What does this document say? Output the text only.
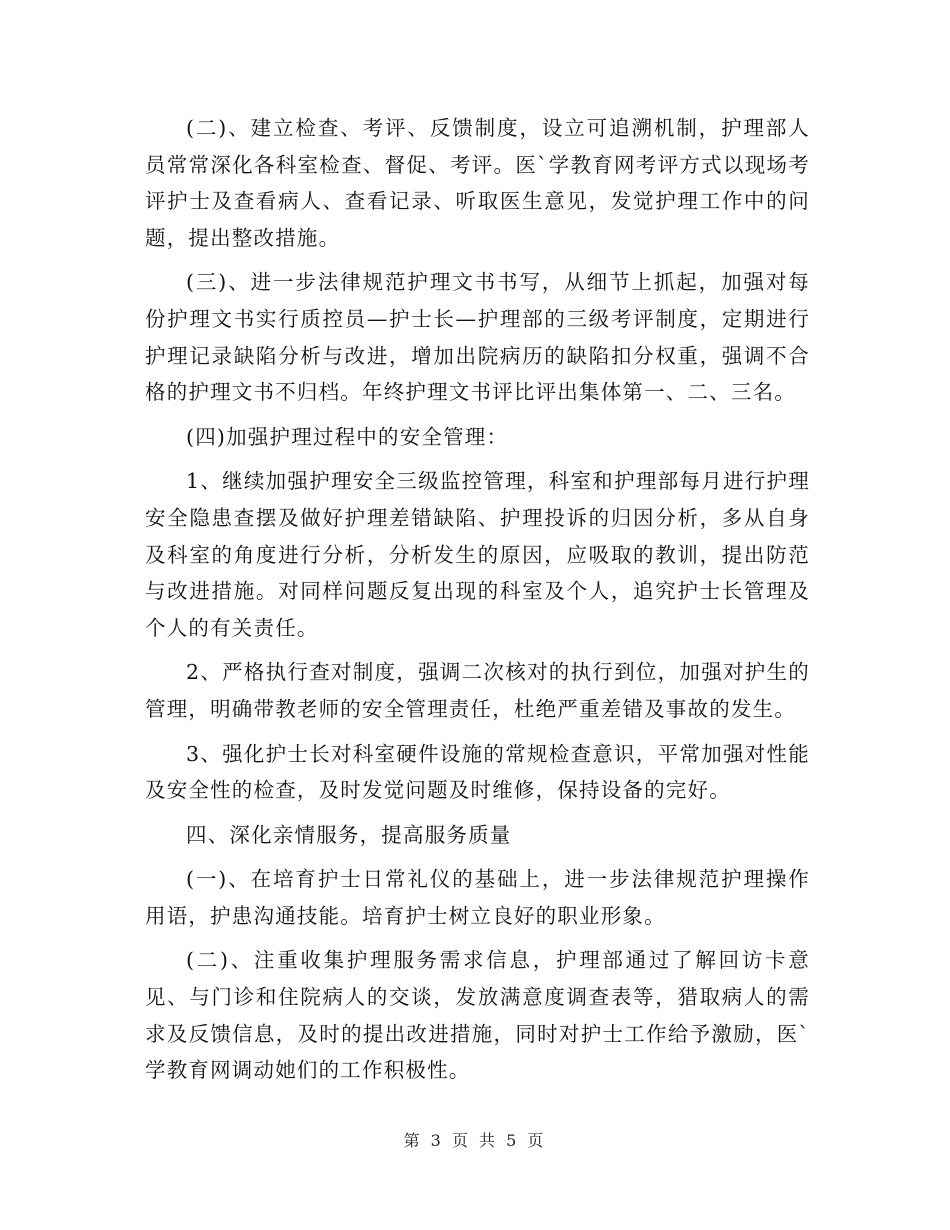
(二)、建立检查、考评、反馈制度，设立可追溯机制，护理部人员常常深化各科室检查、督促、考评。医`学教育网考评方式以现场考评护士及查看病人、查看记录、听取医生意见，发觉护理工作中的问题，提出整改措施。

(三)、进一步法律规范护理文书书写，从细节上抓起，加强对每份护理文书实行质控员—护士长—护理部的三级考评制度，定期进行护理记录缺陷分析与改进，增加出院病历的缺陷扣分权重，强调不合格的护理文书不归档。年终护理文书评比评出集体第一、二、三名。

(四)加强护理过程中的安全管理：

1、继续加强护理安全三级监控管理，科室和护理部每月进行护理安全隐患查摆及做好护理差错缺陷、护理投诉的归因分析，多从自身及科室的角度进行分析，分析发生的原因，应吸取的教训，提出防范与改进措施。对同样问题反复出现的科室及个人，追究护士长管理及个人的有关责任。

2、严格执行查对制度，强调二次核对的执行到位，加强对护生的管理，明确带教老师的安全管理责任，杜绝严重差错及事故的发生。

3、强化护士长对科室硬件设施的常规检查意识，平常加强对性能及安全性的检查，及时发觉问题及时维修，保持设备的完好。

四、深化亲情服务，提高服务质量

(一)、在培育护士日常礼仪的基础上，进一步法律规范护理操作用语，护患沟通技能。培育护士树立良好的职业形象。

(二)、注重收集护理服务需求信息，护理部通过了解回访卡意见、与门诊和住院病人的交谈，发放满意度调查表等，猎取病人的需求及反馈信息，及时的提出改进措施，同时对护士工作给予激励，医`学教育网调动她们的工作积极性。

第 3 页 共 5 页
